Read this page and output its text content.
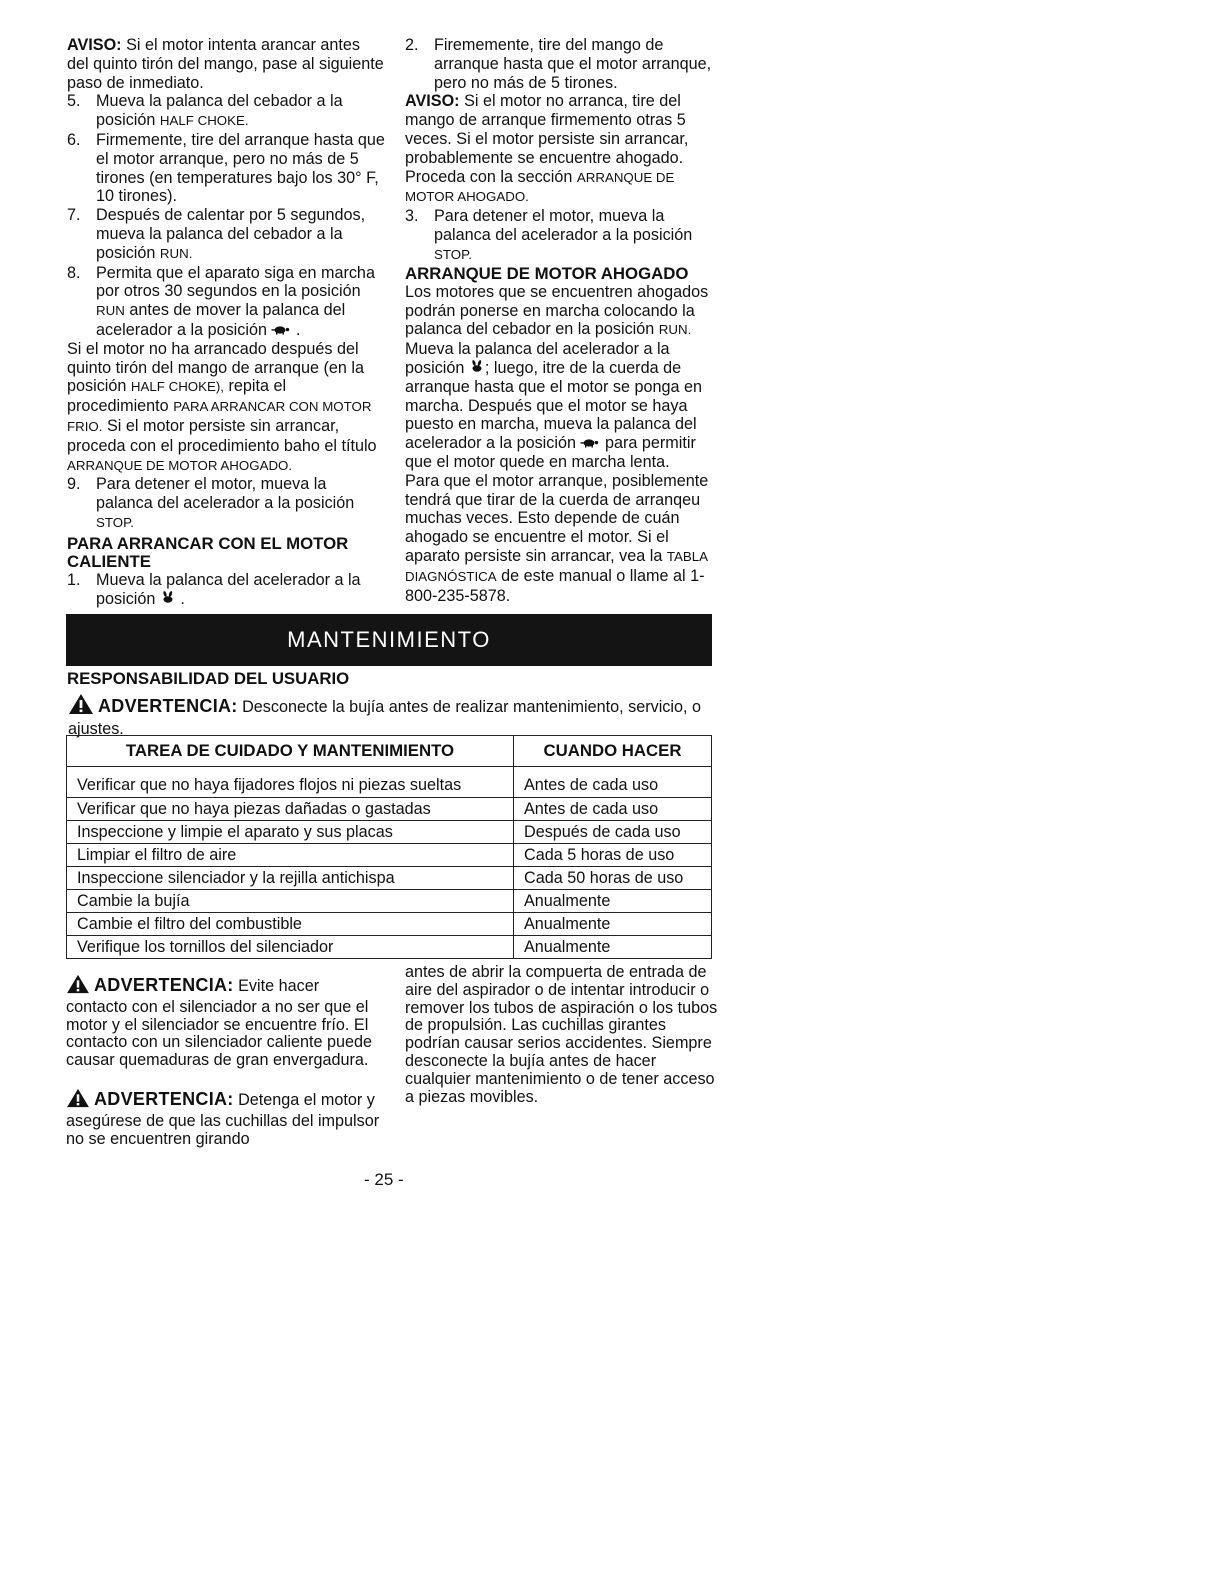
AVISO: Si el motor intenta arancar antes del quinto tirón del mango, pase al siguiente paso de inmediato.

5. Mueva la palanca del cebador a la posición HALF CHOKE.

6. Firmemente, tire del arranque hasta que el motor arranque, pero no más de 5 tirones (en temperatures bajo los 30° F, 10 tirones).

7. Después de calentar por 5 segundos, mueva la palanca del cebador a la posición RUN.

8. Permita que el aparato siga en marcha por otros 30 segundos en la posición RUN antes de mover la palanca del acelerador a la posición  .

Si el motor no ha arrancado después del quinto tirón del mango de arranque (en la posición HALF CHOKE), repita el procedimiento PARA ARRANCAR CON MOTOR FRIO. Si el motor persiste sin arrancar, proceda con el procedimiento baho el título ARRANQUE DE MOTOR AHOGADO.

9. Para detener el motor, mueva la palanca del acelerador a la posición STOP.

PARA ARRANCAR CON EL MOTOR CALIENTE

1. Mueva la palanca del acelerador a la posición  .

2. Firememente, tire del mango de arranque hasta que el motor arranque, pero no más de 5 tirones.

AVISO: Si el motor no arranca, tire del mango de arranque firmemento otras 5 veces. Si el motor persiste sin arrancar, probablemente se encuentre ahogado. Proceda con la sección ARRANQUE DE MOTOR AHOGADO.

3. Para detener el motor, mueva la palanca del acelerador a la posición STOP.

ARRANQUE DE MOTOR AHOGADO

Los motores que se encuentren ahogados podrán ponerse en marcha colocando la palanca del cebador en la posición RUN. Mueva la palanca del acelerador a la posición ; luego, itre de la cuerda de arranque hasta que el motor se ponga en marcha. Después que el motor se haya puesto en marcha, mueva la palanca del acelerador a la posición para permitir que el motor quede en marcha lenta.

Para que el motor arranque, posiblemente tendrá que tirar de la cuerda de arranqeu muchas veces. Esto depende de cuán ahogado se encuentre el motor. Si el aparato persiste sin arrancar, vea la TABLA DIAGNÓSTICA de este manual o llame al 1-800-235-5878.

MANTENIMIENTO
RESPONSABILIDAD DEL USUARIO
ADVERTENCIA: Desconecte la bujía antes de realizar mantenimiento, servicio, o ajustes.
TAREA DE CUIDADO Y MANTENIMIENTO	CUANDO HACER
Verificar que no haya fijadores flojos ni piezas sueltas	Antes de cada uso
Verificar que no haya piezas dañadas o gastadas	Antes de cada uso
Inspeccione y limpie el aparato y sus placas	Después de cada uso
Limpiar el filtro de aire	Cada 5 horas de uso
Inspeccione silenciador y la rejilla antichispa	Cada 50 horas de uso
Cambie la bujía	Anualmente
Cambie el filtro del combustible	Anualmente
Verifique los tornillos del silenciador	Anualmente

ADVERTENCIA: Evite hacer contacto con el silenciador a no ser que el motor y el silenciador se encuentre frío. El contacto con un silenciador caliente puede causar quemaduras de gran envergadura.

ADVERTENCIA: Detenga el motor y asegúrese de que las cuchillas del impulsor no se encuentren girando

antes de abrir la compuerta de entrada de aire del aspirador o de intentar introducir o remover los tubos de aspiración o los tubos de propulsión. Las cuchillas girantes podrían causar serios accidentes. Siempre desconecte la bujía antes de hacer cualquier mantenimiento o de tener acceso a piezas movibles.

- 25 -
